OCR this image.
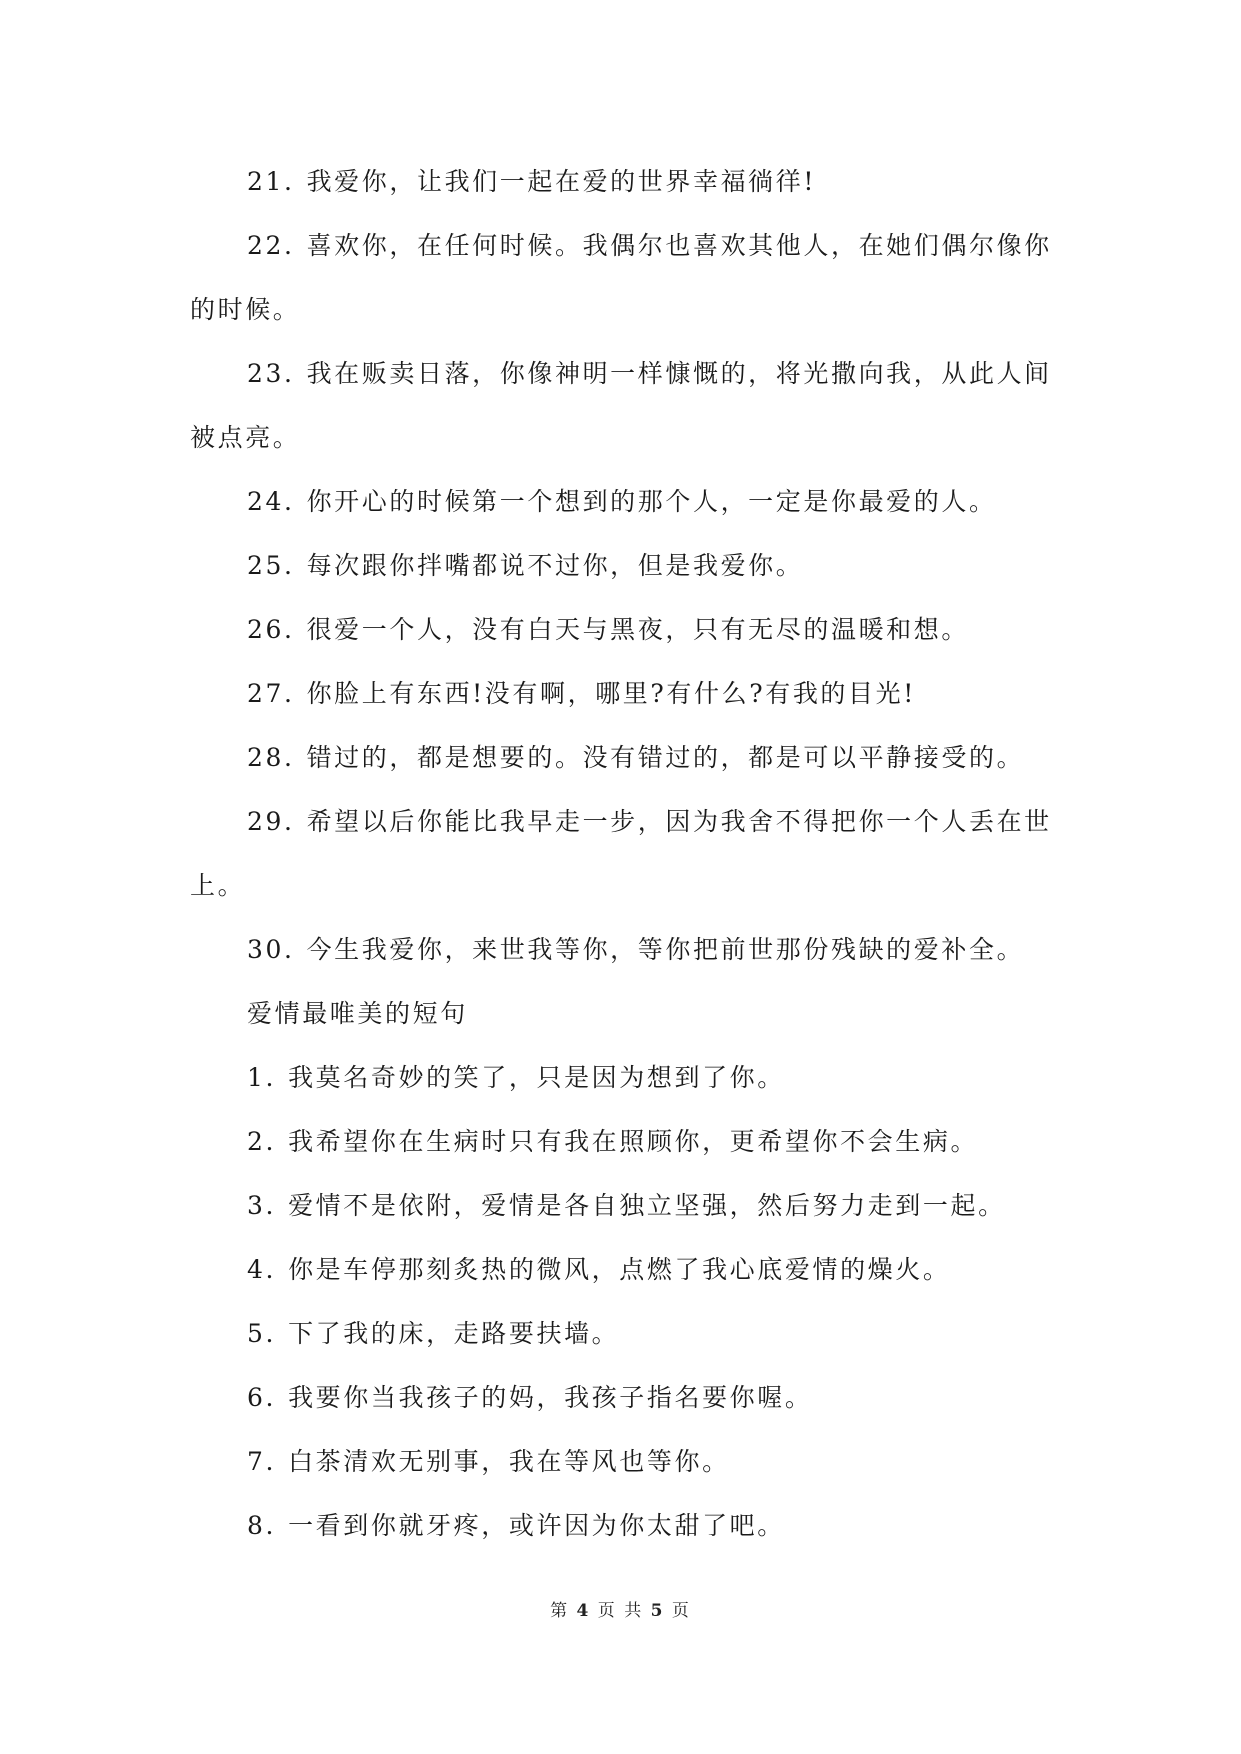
21. 我爱你，让我们一起在爱的世界幸福徜徉!

22. 喜欢你，在任何时候。我偶尔也喜欢其他人，在她们偶尔像你的时候。

23. 我在贩卖日落，你像神明一样慷慨的，将光撒向我，从此人间被点亮。

24. 你开心的时候第一个想到的那个人，一定是你最爱的人。

25. 每次跟你拌嘴都说不过你，但是我爱你。

26. 很爱一个人，没有白天与黑夜，只有无尽的温暖和想。

27. 你脸上有东西!没有啊，哪里?有什么?有我的目光!

28. 错过的，都是想要的。没有错过的，都是可以平静接受的。

29. 希望以后你能比我早走一步，因为我舍不得把你一个人丢在世上。

30. 今生我爱你，来世我等你，等你把前世那份残缺的爱补全。

爱情最唯美的短句

1. 我莫名奇妙的笑了，只是因为想到了你。

2. 我希望你在生病时只有我在照顾你，更希望你不会生病。

3. 爱情不是依附，爱情是各自独立坚强，然后努力走到一起。

4. 你是车停那刻炙热的微风，点燃了我心底爱情的燥火。

5. 下了我的床，走路要扶墙。

6. 我要你当我孩子的妈，我孩子指名要你喔。

7. 白茶清欢无别事，我在等风也等你。

8. 一看到你就牙疼，或许因为你太甜了吧。

第 4 页 共 5 页
